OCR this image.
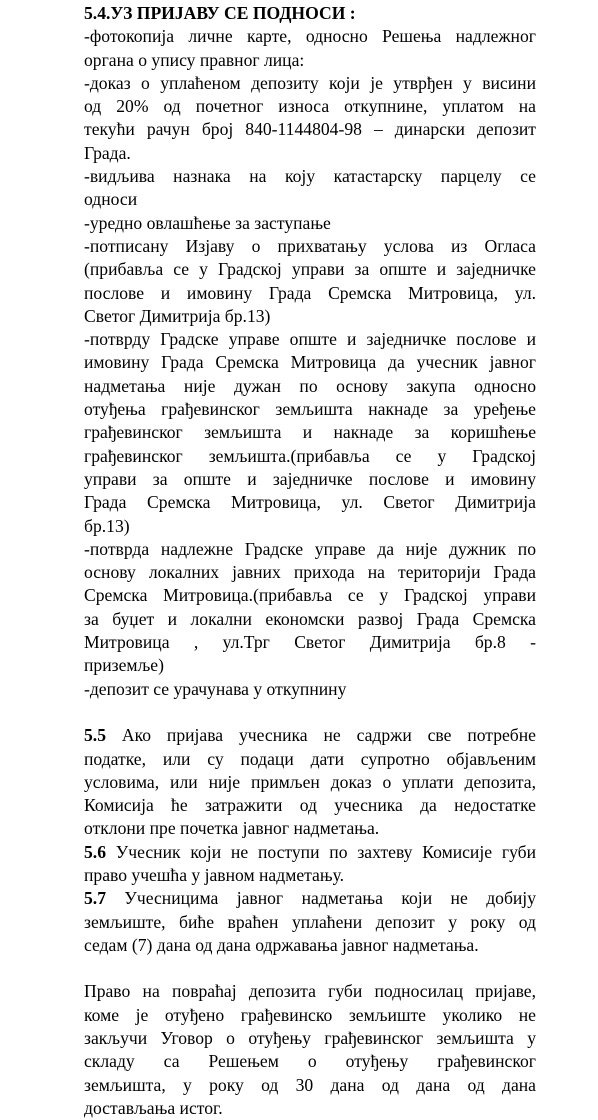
5.4.УЗ ПРИЈАВУ СЕ ПОДНОСИ :
-фотокопија личне карте, односно Решења надлежног
органа о упису правног лица:
-доказ о уплаћеном депозиту који је утврђен у висини
од 20% од почетног износа откупнине, уплатом на
текући рачун број 840-1144804-98 – динарски депозит
Града.
-видљива назнака на коју катастарску парцелу се
односи
-уредно овлашћење за заступање
-потписану Изјаву о прихватању услова из Огласа
(прибавља се у Градској управи за опште и заједничке
послове и имовину Града Сремска Митровица, ул.
Светог Димитрија бр.13)
-потврду Градске управе опште и заједничке послове и
имовину Града Сремска Митровица да учесник јавног
надметања није дужан по основу закупа односно
отуђења грађевинског земљишта накнаде за уређење
грађевинског земљишта и накнаде за коришћење
грађевинског земљишта.(прибавља се у Градској
управи за опште и заједничке послове и имовину
Града Сремска Митровица, ул. Светог Димитрија
бр.13)
-потврда надлежне Градске управе да није дужник по
основу локалних јавних прихода на територији Града
Сремска Митровица.(прибавља се у Градској управи
за буџет и локални економски развој Града Сремска
Митровица , ул.Трг Светог Димитрија бр.8 -
приземље)
-депозит се урачунава у откупнину
5.5 Ако пријава учесника не садржи све потребне
податке, или су подаци дати супротно објављеним
условима, или није примљен доказ о уплати депозита,
Комисија ће затражити од учесника да недостатке
отклони пре почетка јавног надметања.
5.6 Учесник који не поступи по захтеву Комисије губи
право учешћа у јавном надметању.
5.7 Учесницима јавног надметања који не добију
земљиште, биће враћен уплаћени депозит у року од
седам (7) дана од дана одржавања јавног надметања.
Право на повраћај депозита губи подносилац пријаве,
коме је отуђено грађевинско земљиште уколико не
закључи Уговор о отуђењу грађевинског земљишта у
складу са Решењем о отуђењу грађевинског
земљишта, у року од 30 дана од дана од дана
достављања истог.
